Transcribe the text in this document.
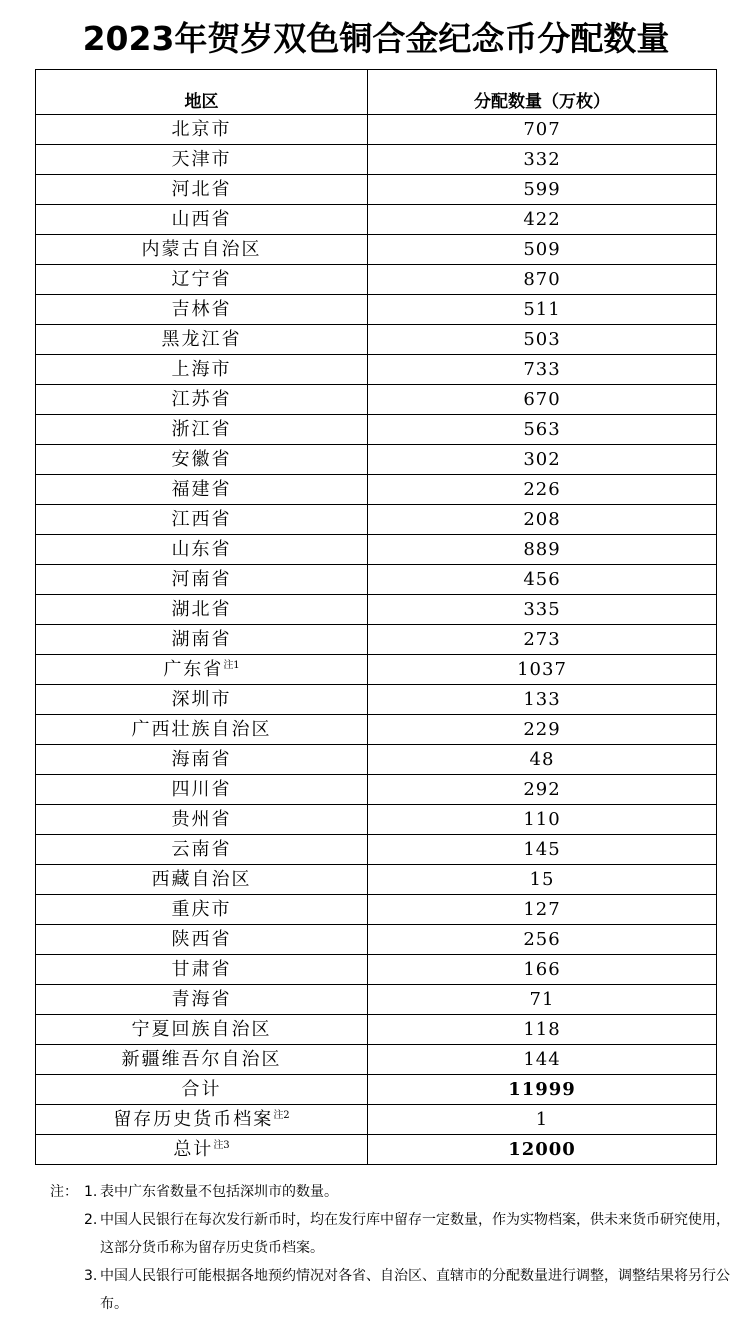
2023年贺岁双色铜合金纪念币分配数量
地区	分配数量（万枚）
北京市	707
天津市	332
河北省	599
山西省	422
内蒙古自治区	509
辽宁省	870
吉林省	511
黑龙江省	503
上海市	733
江苏省	670
浙江省	563
安徽省	302
福建省	226
江西省	208
山东省	889
河南省	456
湖北省	335
湖南省	273
广东省$^{注1}$	1037
深圳市	133
广西壮族自治区	229
海南省	48
四川省	292
贵州省	110
云南省	145
西藏自治区	15
重庆市	127
陕西省	256
甘肃省	166
青海省	71
宁夏回族自治区	118
新疆维吾尔自治区	144
合计	11999
留存历史货币档案$^{注2}$	1
总计$^{注3}$	12000
注： 1. 表中广东省数量不包括深圳市的数量。
2. 中国人民银行在每次发行新币时，均在发行库中留存一定数量，作为实物档案，供未来货币研究使用，这部分货币称为留存历史货币档案。
3. 中国人民银行可能根据各地预约情况对各省、自治区、直辖市的分配数量进行调整，调整结果将另行公布。
